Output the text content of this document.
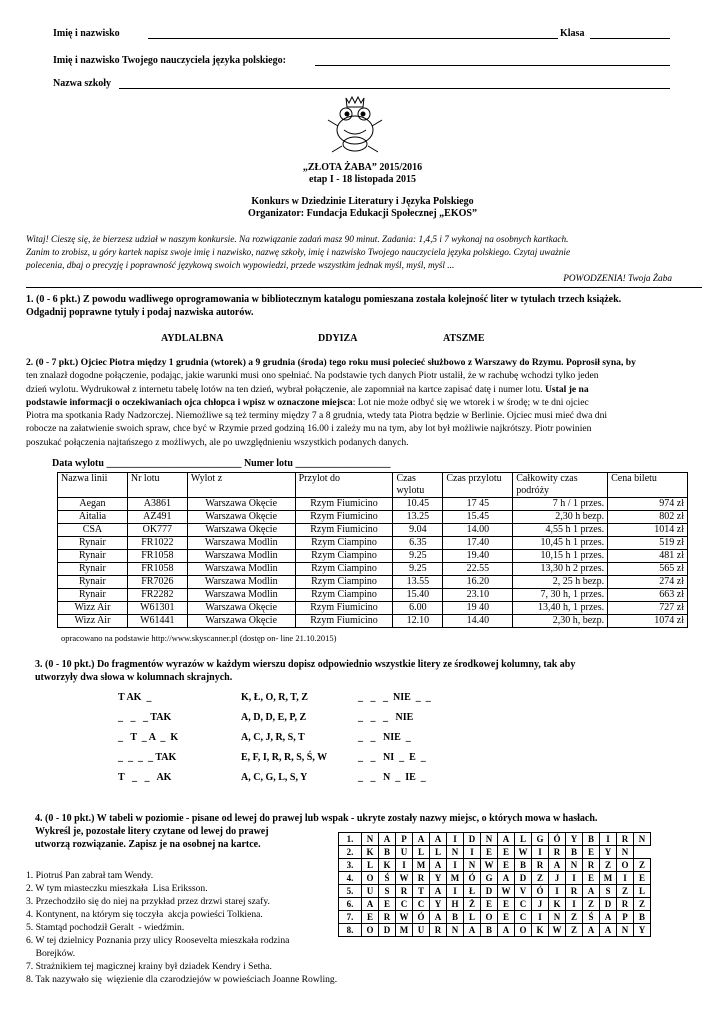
Imię i nazwisko	Klasa
Imię i nazwisko Twojego nauczyciela języka polskiego:
Nazwa szkoły
„ZŁOTA ŻABA” 2015/2016
etap I - 18 listopada 2015
Konkurs w Dziedzinie Literatury i Języka Polskiego
Organizator: Fundacja Edukacji Społecznej „EKOS”
Witaj! Cieszę się, że bierzesz udział w naszym konkursie. Na rozwiązanie zadań masz 90 minut. Zadania: 1,4,5 i 7 wykonaj na osobnych kartkach.
Zanim to zrobisz, u góry kartek napisz swoje imię i nazwisko, nazwę szkoły, imię i nazwisko Twojego nauczyciela języka polskiego. Czytaj uważnie
polecenia, dbaj o precyzję i poprawność językową swoich wypowiedzi, przede wszystkim jednak myśl, myśl, myśl ...
POWODZENIA! Twoja Żaba
1. (0 - 6 pkt.) Z powodu wadliwego oprogramowania w bibliotecznym katalogu pomieszana została kolejność liter w tytułach trzech książek.
Odgadnij poprawne tytuły i podaj nazwiska autorów.
AYDLALBNA	DDYIZA	ATSZME
2. (0 - 7 pkt.) Ojciec Piotra między 1 grudnia (wtorek) a 9 grudnia (środa) tego roku musi polecieć służbowo z Warszawy do Rzymu. Poprosił syna, by
ten znalazł dogodne połączenie, podając, jakie warunki musi ono spełniać. Na podstawie tych danych Piotr ustalił, że w rachubę wchodzi tylko jeden
dzień wylotu. Wydrukował z internetu tabelę lotów na ten dzień, wybrał połączenie, ale zapomniał na kartce zapisać datę i numer lotu. Ustal je na
podstawie informacji o oczekiwaniach ojca chłopca i wpisz w oznaczone miejsca: Lot nie może odbyć się we wtorek i w środę; w te dni ojciec
Piotra ma spotkania Rady Nadzorczej. Niemożliwe są też terminy między 7 a 8 grudnia, wtedy tata Piotra będzie w Berlinie. Ojciec musi mieć dwa dni
robocze na załatwienie swoich spraw, chce być w Rzymie przed godziną 16.00 i zależy mu na tym, aby lot był możliwie najkrótszy. Piotr powinien
poszukać połączenia najtańszego z możliwych, ale po uwzględnieniu wszystkich podanych danych.
Data wylotu ___________________________ Numer lotu ___________________
Nazwa linii	Nr lotu	Wylot z	Przylot do	Czas wylotu	Czas przylotu	Całkowity czas podróży	Cena biletu
Aegan	A3861	Warszawa Okęcie	Rzym Fiumicino	10.45	17 45	7 h / 1 przes.	974 zł
Aitalia	AZ491	Warszawa Okęcie	Rzym Fiumicino	13.25	15.45	2,30 h bezp.	802 zł
CSA	OK777	Warszawa Okęcie	Rzym Fiumicino	9.04	14.00	4,55 h 1 przes.	1014 zł
Rynair	FR1022	Warszawa Modlin	Rzym Ciampino	6.35	17.40	10,45 h 1 przes.	519 zł
Rynair	FR1058	Warszawa Modlin	Rzym Ciampino	9.25	19.40	10,15 h 1 przes.	481 zł
Rynair	FR1058	Warszawa Modlin	Rzym Ciampino	9.25	22.55	13,30 h 2 przes.	565 zł
Rynair	FR7026	Warszawa Modlin	Rzym Ciampino	13.55	16.20	2, 25 h bezp.	274 zł
Rynair	FR2282	Warszawa Modlin	Rzym Ciampino	15.40	23.10	7, 30 h, 1 przes.	663 zł
Wizz Air	W61301	Warszawa Okęcie	Rzym Fiumicino	6.00	19 40	13,40 h, 1 przes.	727 zł
Wizz Air	W61441	Warszawa Okęcie	Rzym Fiumicino	12.10	14.40	2,30 h, bezp.	1074 zł
opracowano na podstawie http://www.skyscanner.pl (dostęp on- line 21.10.2015)
3. (0 - 10 pkt.) Do fragmentów wyrazów w każdym wierszu dopisz odpowiednio wszystkie litery ze środkowej kolumny, tak aby
utworzyły dwa słowa w kolumnach skrajnych.
T AK  _	K, Ł, O, R, T, Z	_   _   _  NIE  _  _
_   _   _ TAK	A, D, D, E, P, Z	_   _   _   NIE
_   T  _ A  _  K	A, C, J, R, S, T	_   _   NIE  _
_  _  _  _ TAK	E, F, I, R, R, S, Ś, W	_   _   NI  _  E  _
T   _   _   AK	A, C, G, L, S, Y	_   _   N  _  IE  _
4. (0 - 10 pkt.) W tabeli w poziomie - pisane od lewej do prawej lub wspak - ukryte zostały nazwy miejsc, o których mowa w hasłach.
Wykreśl je, pozostałe litery czytane od lewej do prawej
utworzą rozwiązanie. Zapisz je na osobnej na kartce.
1. Piotruś Pan zabrał tam Wendy.
2. W tym miasteczku mieszkała  Lisa Eriksson.
3. Przechodziło się do niej na przykład przez drzwi starej szafy.
4. Kontynent, na którym się toczyła  akcja powieści Tolkiena.
5. Stamtąd pochodził Geralt  - wiedźmin.
6. W tej dzielnicy Poznania przy ulicy Roosevelta mieszkała rodzina
Borejków.
7. Strażnikiem tej magicznej krainy był dziadek Kendry i Setha.
8. Tak nazywało się  więzienie dla czarodziejów w powieściach Joanne Rowling.
1.	N	A	P	A	A	I	D	N	A	L	G	Ó	Y	B	I	R	N
2.	K	B	U	L	L	N	I	E	E	W	I	R	B	E	Y	N	
3.	L	K	I	M	A	I	N	W	E	B	R	A	N	R	Z	O	Z
4.	O	Ś	W	R	Y	M	Ó	G	A	D	Z	J	I	E	M	I	E
5.	U	S	R	T	A	I	Ł	D	W	V	Ó	I	R	A	S	Z	L
6.	A	E	C	C	Y	H	Ż	E	E	C	J	K	I	Z	D	R	Z
7.	E	R	W	Ó	A	B	L	O	E	C	I	N	Z	Ś	A	P	B
8.	O	D	M	U	R	N	A	B	A	O	K	W	Z	A	A	N	Y
